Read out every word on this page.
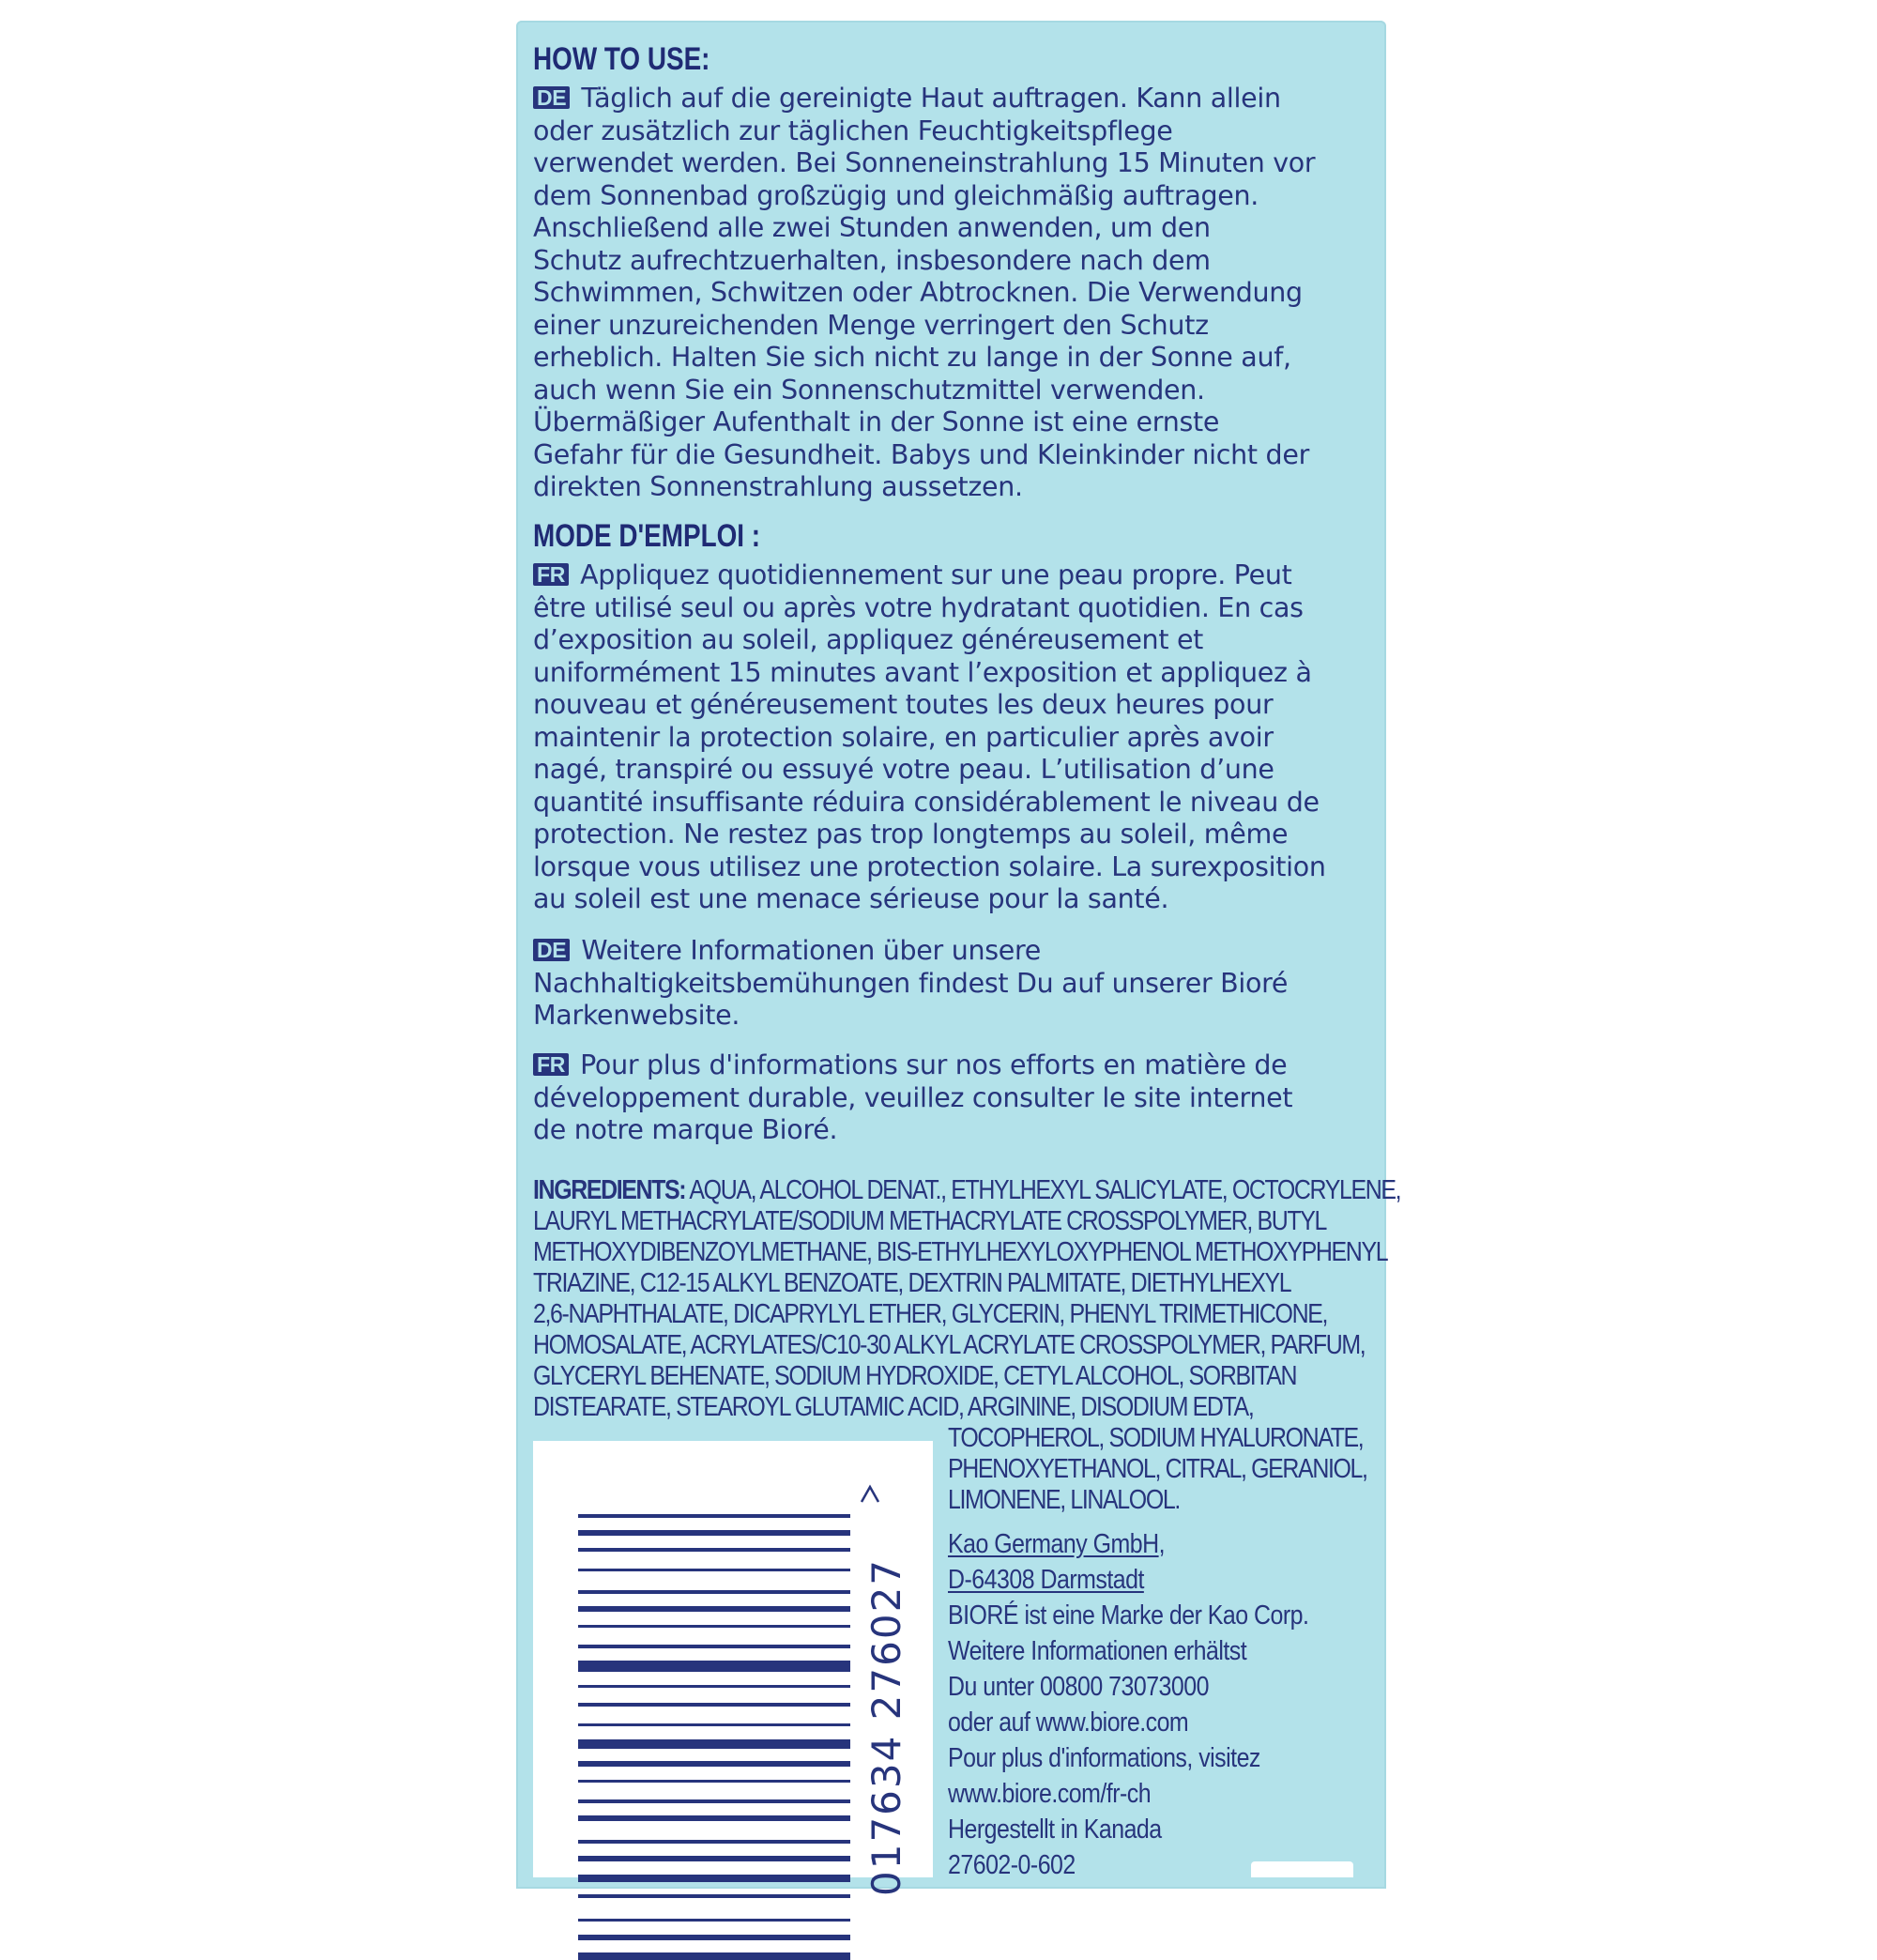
HOW TO USE:
DE Täglich auf die gereinigte Haut auftragen. Kann allein
oder zusätzlich zur täglichen Feuchtigkeitspflege
verwendet werden. Bei Sonneneinstrahlung 15 Minuten vor
dem Sonnenbad großzügig und gleichmäßig auftragen.
Anschließend alle zwei Stunden anwenden, um den
Schutz aufrechtzuerhalten, insbesondere nach dem
Schwimmen, Schwitzen oder Abtrocknen. Die Verwendung
einer unzureichenden Menge verringert den Schutz
erheblich. Halten Sie sich nicht zu lange in der Sonne auf,
auch wenn Sie ein Sonnenschutzmittel verwenden.
Übermäßiger Aufenthalt in der Sonne ist eine ernste
Gefahr für die Gesundheit. Babys und Kleinkinder nicht der
direkten Sonnenstrahlung aussetzen.
MODE D'EMPLOI :
FR Appliquez quotidiennement sur une peau propre. Peut
être utilisé seul ou après votre hydratant quotidien. En cas
d’exposition au soleil, appliquez généreusement et
uniformément 15 minutes avant l’exposition et appliquez à
nouveau et généreusement toutes les deux heures pour
maintenir la protection solaire, en particulier après avoir
nagé, transpiré ou essuyé votre peau. L’utilisation d’une
quantité insuffisante réduira considérablement le niveau de
protection. Ne restez pas trop longtemps au soleil, même
lorsque vous utilisez une protection solaire. La surexposition
au soleil est une menace sérieuse pour la santé.
DE Weitere Informationen über unsere
Nachhaltigkeitsbemühungen findest Du auf unserer Bioré
Markenwebsite.
FR Pour plus d'informations sur nos efforts en matière de
développement durable, veuillez consulter le site internet
de notre marque Bioré.
INGREDIENTS: AQUA, ALCOHOL DENAT., ETHYLHEXYL SALICYLATE, OCTOCRYLENE,
LAURYL METHACRYLATE/SODIUM METHACRYLATE CROSSPOLYMER, BUTYL
METHOXYDIBENZOYLMETHANE, BIS-ETHYLHEXYLOXYPHENOL METHOXYPHENYL
TRIAZINE, C12-15 ALKYL BENZOATE, DEXTRIN PALMITATE, DIETHYLHEXYL
2,6-NAPHTHALATE, DICAPRYLYL ETHER, GLYCERIN, PHENYL TRIMETHICONE,
HOMOSALATE, ACRYLATES/C10-30 ALKYL ACRYLATE CROSSPOLYMER, PARFUM,
GLYCERYL BEHENATE, SODIUM HYDROXIDE, CETYL ALCOHOL, SORBITAN
DISTEARATE, STEAROYL GLUTAMIC ACID, ARGININE, DISODIUM EDTA,
TOCOPHEROL, SODIUM HYALURONATE,
PHENOXYETHANOL, CITRAL, GERANIOL,
LIMONENE, LINALOOL.
017634 276027
Kao Germany GmbH,
D-64308 Darmstadt
BIORÉ ist eine Marke der Kao Corp.
Weitere Informationen erhältst
Du unter 00800 73073000
oder auf www.biore.com
Pour plus d'informations, visitez
www.biore.com/fr-ch
Hergestellt in Kanada
27602-0-602
